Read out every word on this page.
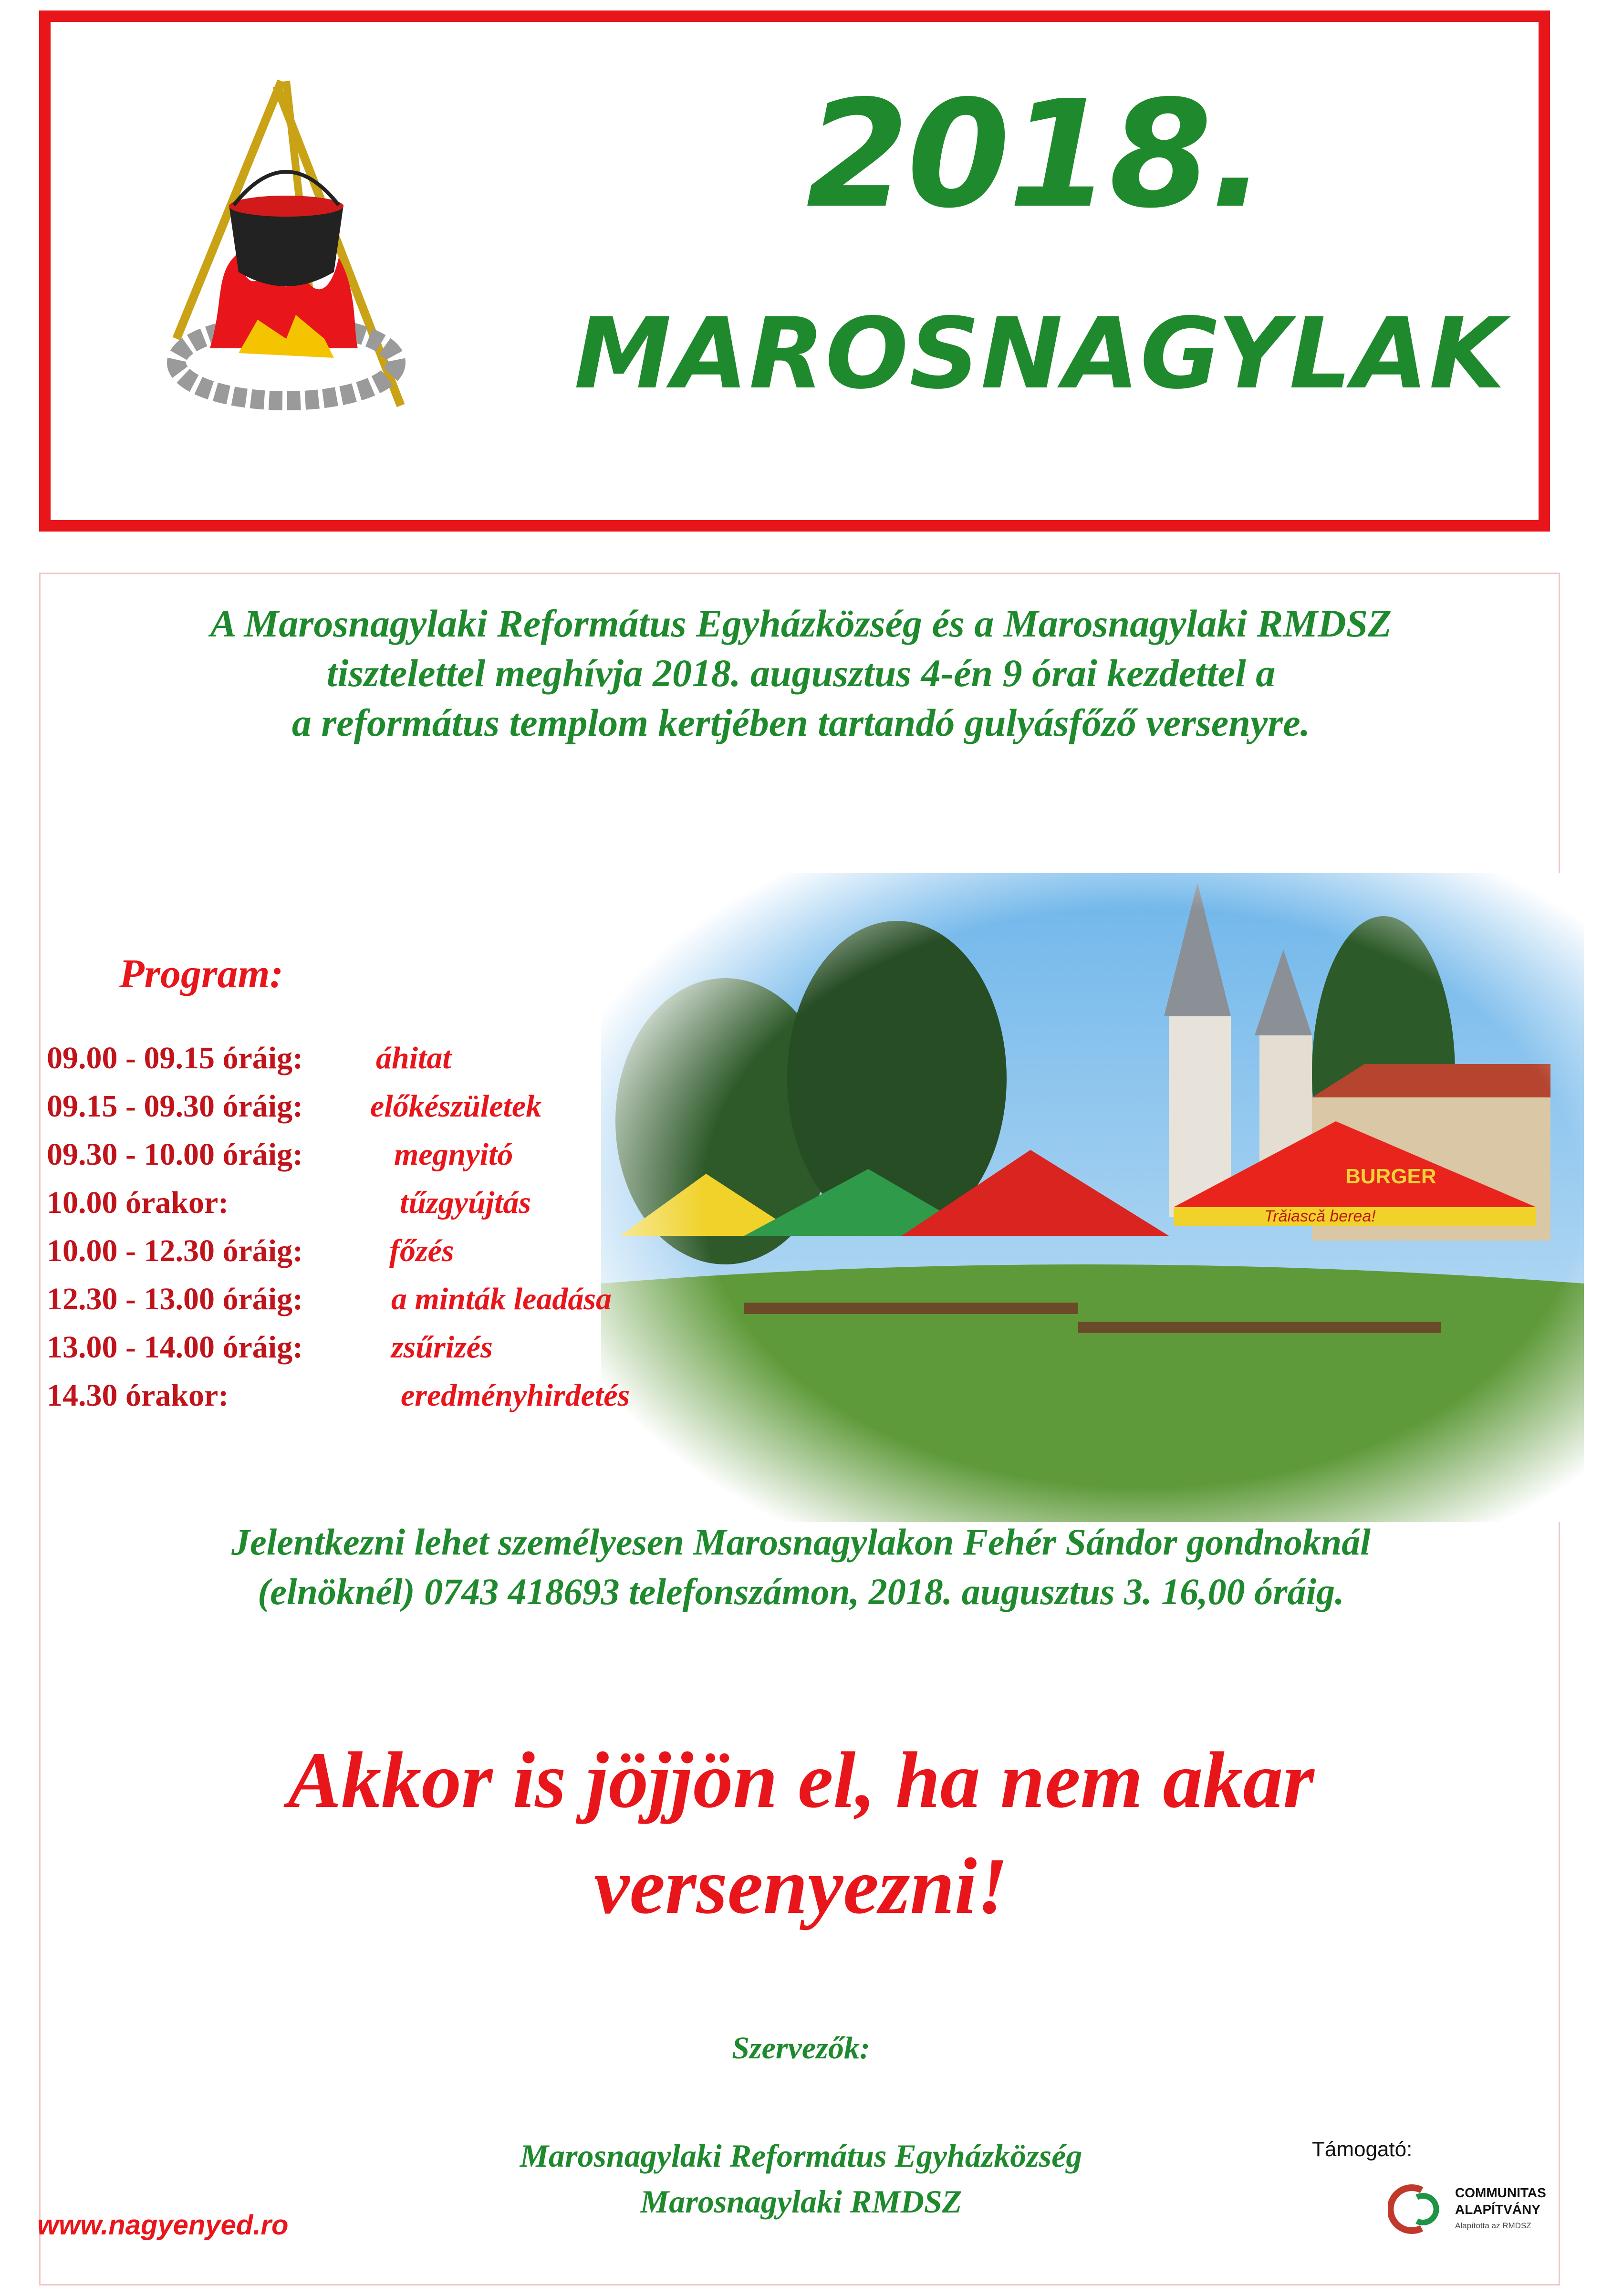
2018.
MAROSNAGYLAK
A Marosnagylaki Református Egyházközség és a Marosnagylaki RMDSZ
tisztelettel meghívja 2018. augusztus 4-én 9 órai kezdettel a
a református templom kertjében tartandó gulyásfőző versenyre.
Program:
09.00 - 09.15 óráig: áhitat
09.15 - 09.30 óráig: előkészületek
09.30 - 10.00 óráig:	megnyitó
10.00 órakor:	tűzgyújtás
10.00 - 12.30 óráig:	főzés
12.30 - 13.00 óráig:	a minták leadása
13.00 - 14.00 óráig:	zsűrizés
14.30 órakor:	eredményhirdetés
Jelentkezni lehet személyesen Marosnagylakon Fehér Sándor gondnoknál
(elnöknél) 0743 418693 telefonszámon, 2018. augusztus 3. 16,00 óráig.
Akkor is jöjjön el, ha nem akar
versenyezni!
Szervezők:
Marosnagylaki Református Egyházközség
Marosnagylaki RMDSZ
www.nagyenyed.ro
Támogató:
COMMUNITAS
ALAPÍTVÁNY
Alapította az RMDSZ
